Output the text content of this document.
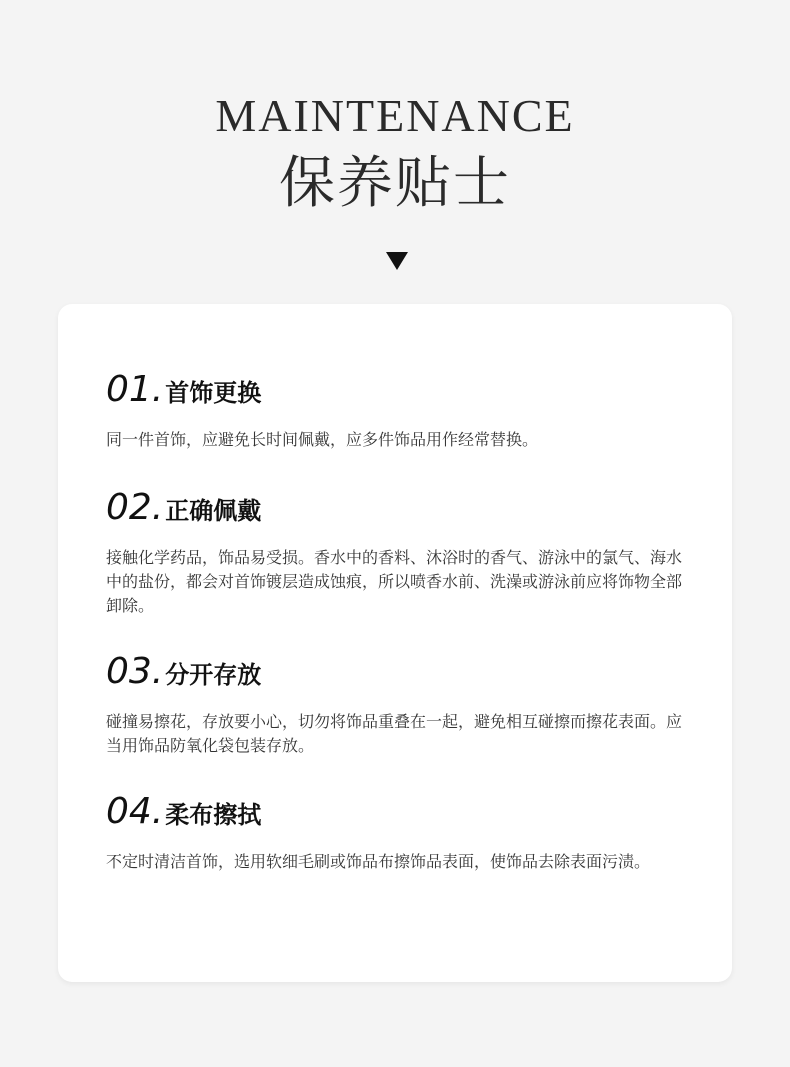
MAINTENANCE
保养贴士
01. 首饰更换
同一件首饰，应避免长时间佩戴，应多件饰品用作经常替换。
02. 正确佩戴
接触化学药品，饰品易受损。香水中的香料、沐浴时的香气、游泳中的氯气、海水中的盐份，都会对首饰镀层造成蚀痕，所以喷香水前、洗澡或游泳前应将饰物全部卸除。
03. 分开存放
碰撞易擦花，存放要小心，切勿将饰品重叠在一起，避免相互碰擦而擦花表面。应当用饰品防氧化袋包装存放。
04. 柔布擦拭
不定时清洁首饰，选用软细毛刷或饰品布擦饰品表面，使饰品去除表面污渍。
